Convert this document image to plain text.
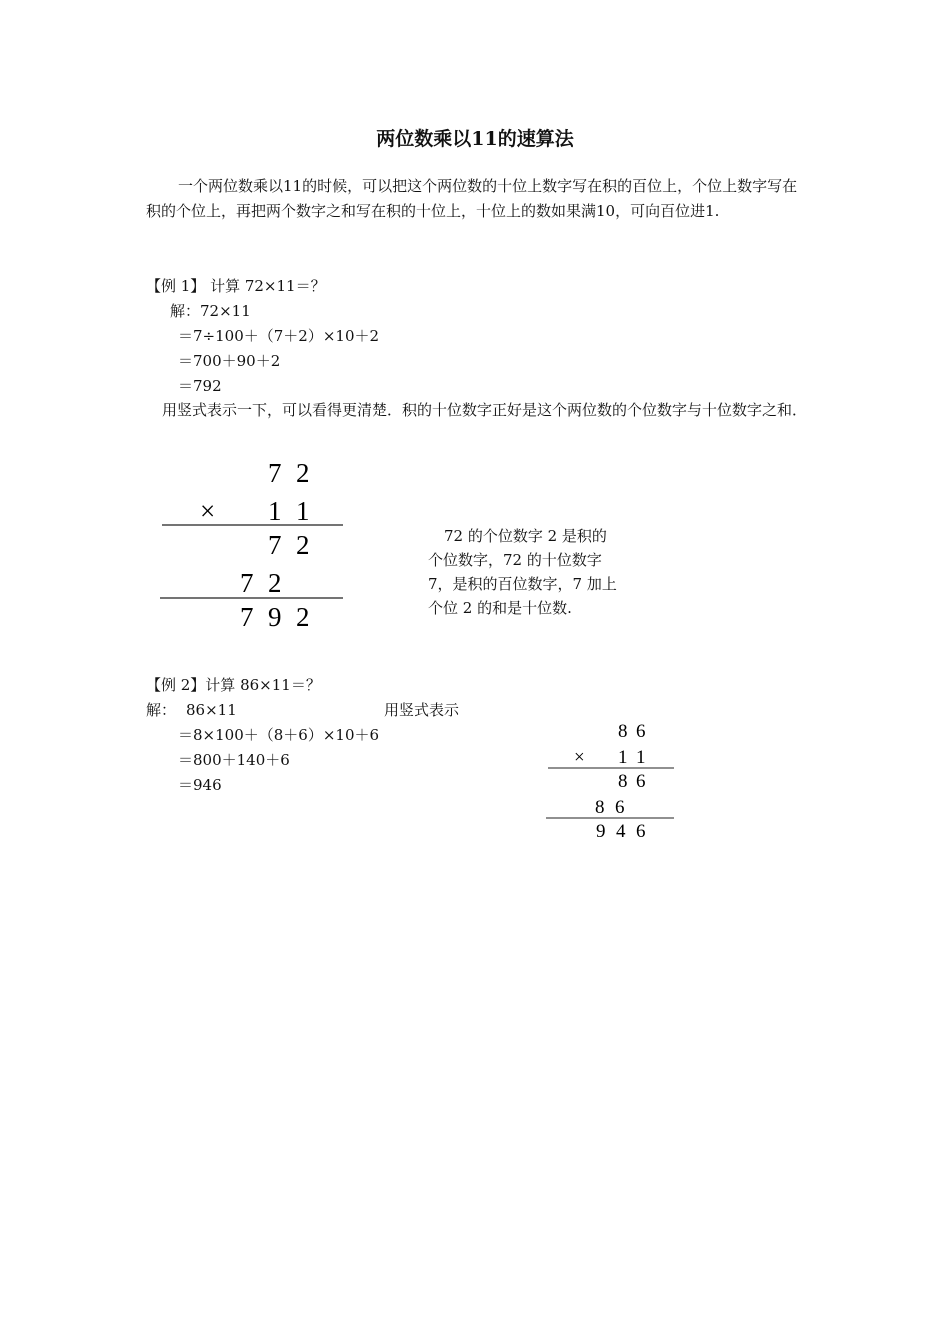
两位数乘以11的速算法
一个两位数乘以11的时候，可以把这个两位数的十位上数字写在积的百位上，个位上数字写在积的个位上，再把两个数字之和写在积的十位上，十位上的数如果满10，可向百位进1.
【例 1】 计算 72×11＝？
解：72×11
＝7÷100＋（7＋2）×10＋2
＝700＋90＋2
＝792
用竖式表示一下，可以看得更清楚．积的十位数字正好是这个两位数的个位数字与十位数字之和．
7 2
× 1 1
7 2
7 2
7 9 2
72 的个位数字 2 是积的个位数字，72 的十位数字 7，是积的百位数字，7 加上个位 2 的和是十位数.
【例 2】计算 86×11＝？
解： 86×11
＝8×100＋（8＋6）×10＋6
＝800＋140＋6
＝946
用竖式表示
8 6
× 1 1
8 6
8 6
9 4 6
